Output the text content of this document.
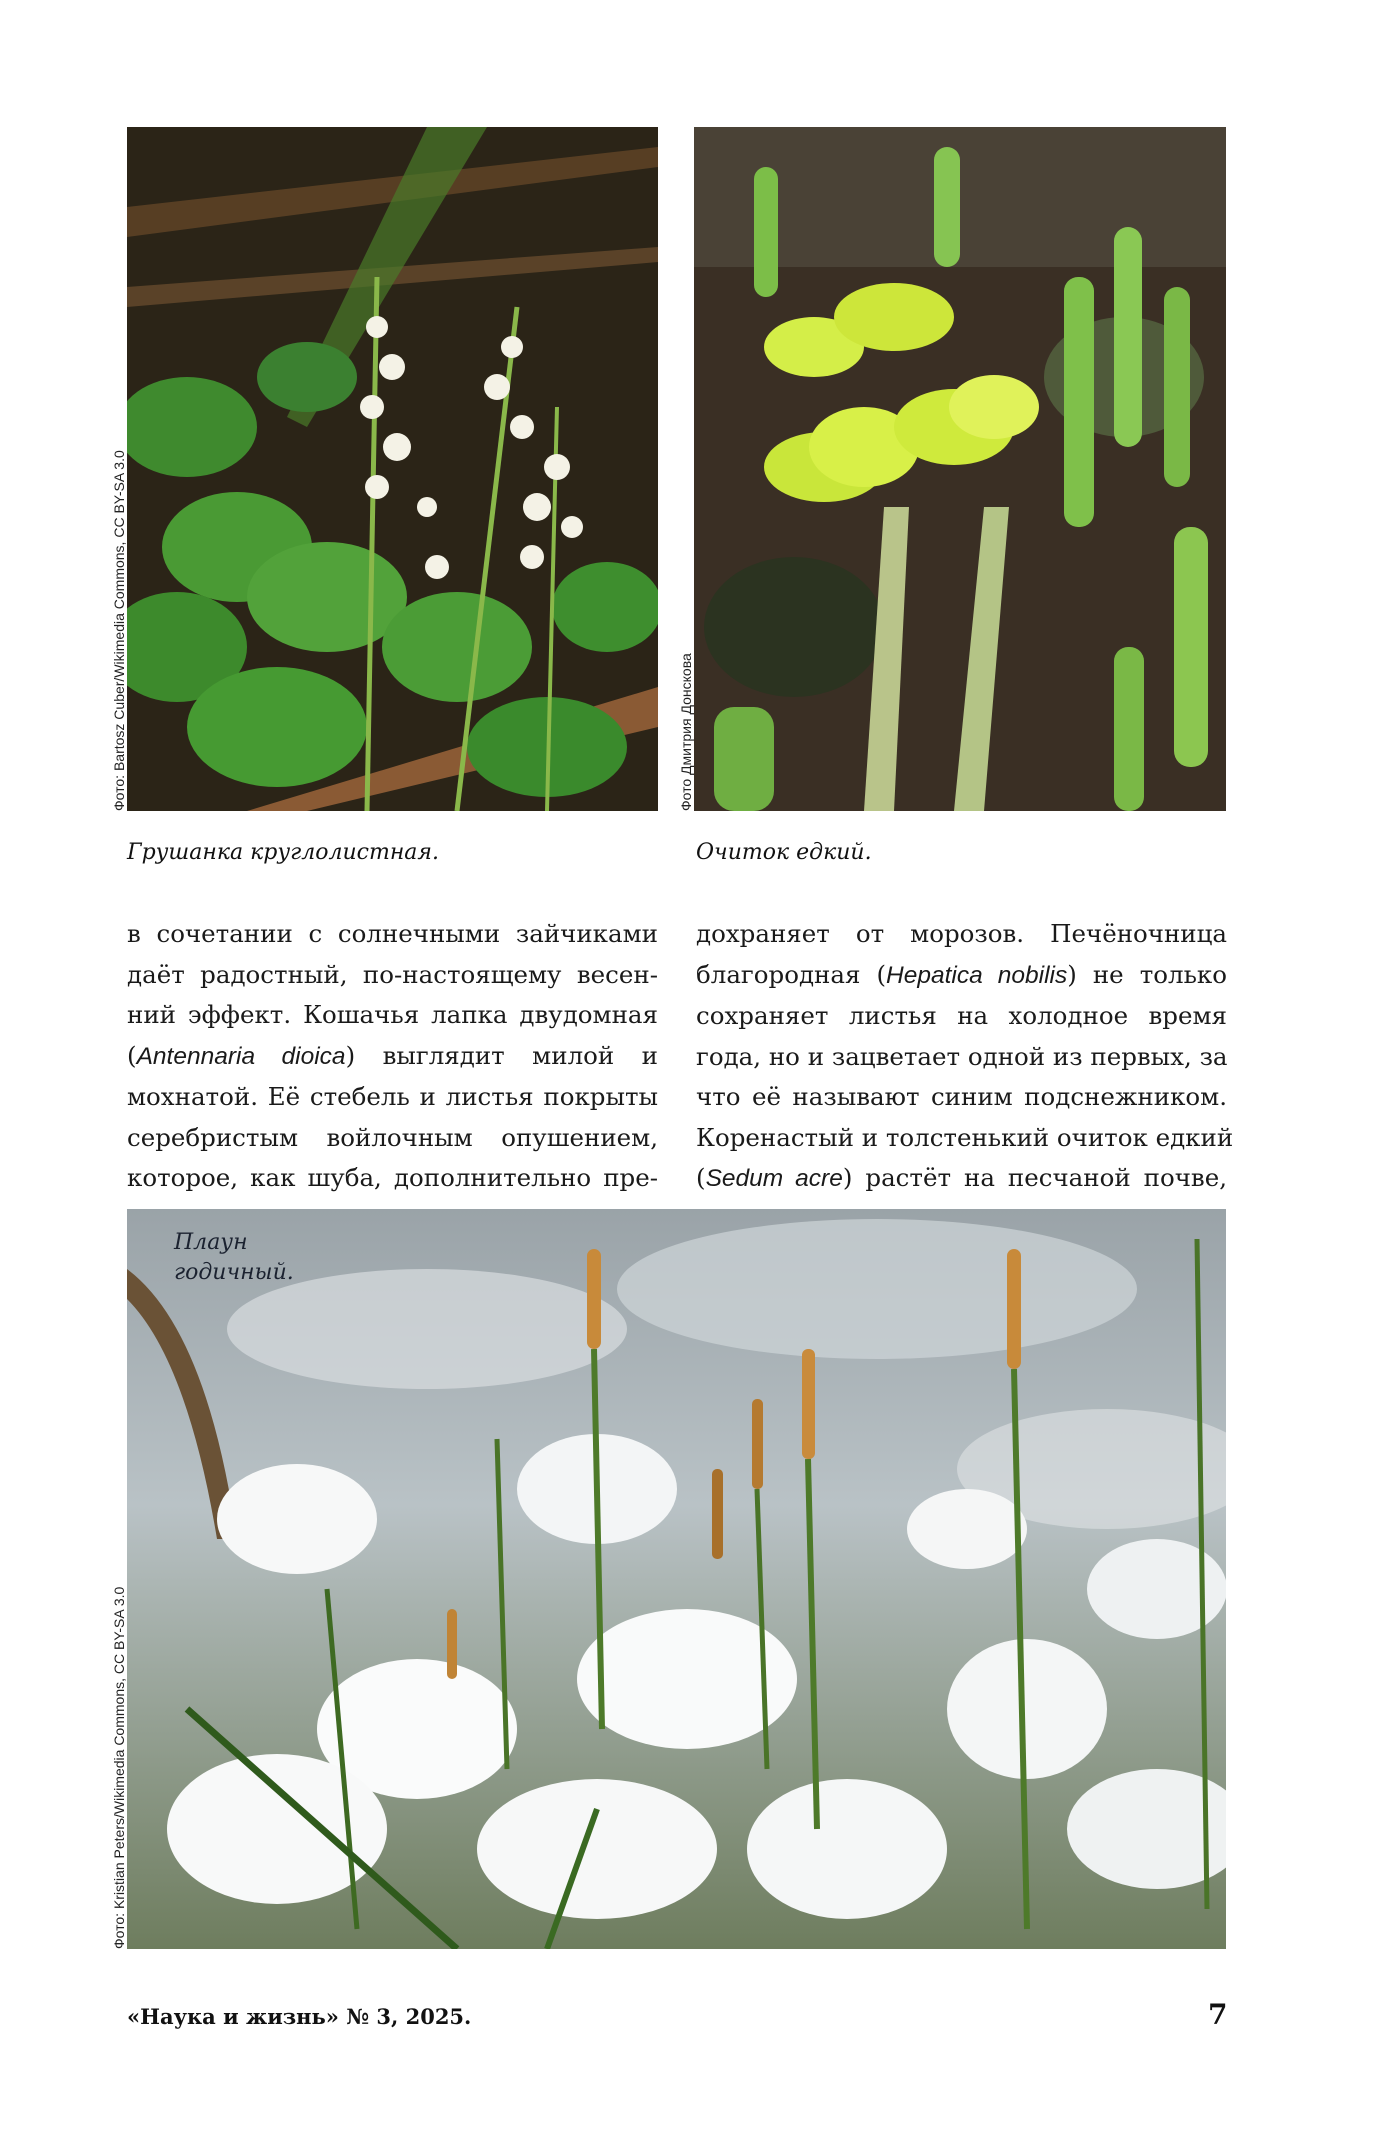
Фото: Bartosz Cuber/Wikimedia Commons, CC BY-SA 3.0
Грушанка круглолистная.
Фото Дмитрия Донскова
Очиток едкий.
в сочетании с солнечными зайчиками
даёт радостный, по-настоящему весен-
ний эффект. Кошачья лапка двудомная
(Antennaria dioica) выглядит милой и
мохнатой. Её стебель и листья покрыты
серебристым войлочным опушением,
которое, как шуба, дополнительно пре-
дохраняет от морозов. Печёночница
благородная (Hepatica nobilis) не только
сохраняет листья на холодное время
года, но и зацветает одной из первых, за
что её называют синим подснежником.
Коренастый и толстенький очиток едкий
(Sedum acre) растёт на песчаной почве,
Фото: Kristian Peters/Wikimedia Commons, CC BY-SA 3.0
Плаун
годичный.
«Наука и жизнь» № 3, 2025.	7
